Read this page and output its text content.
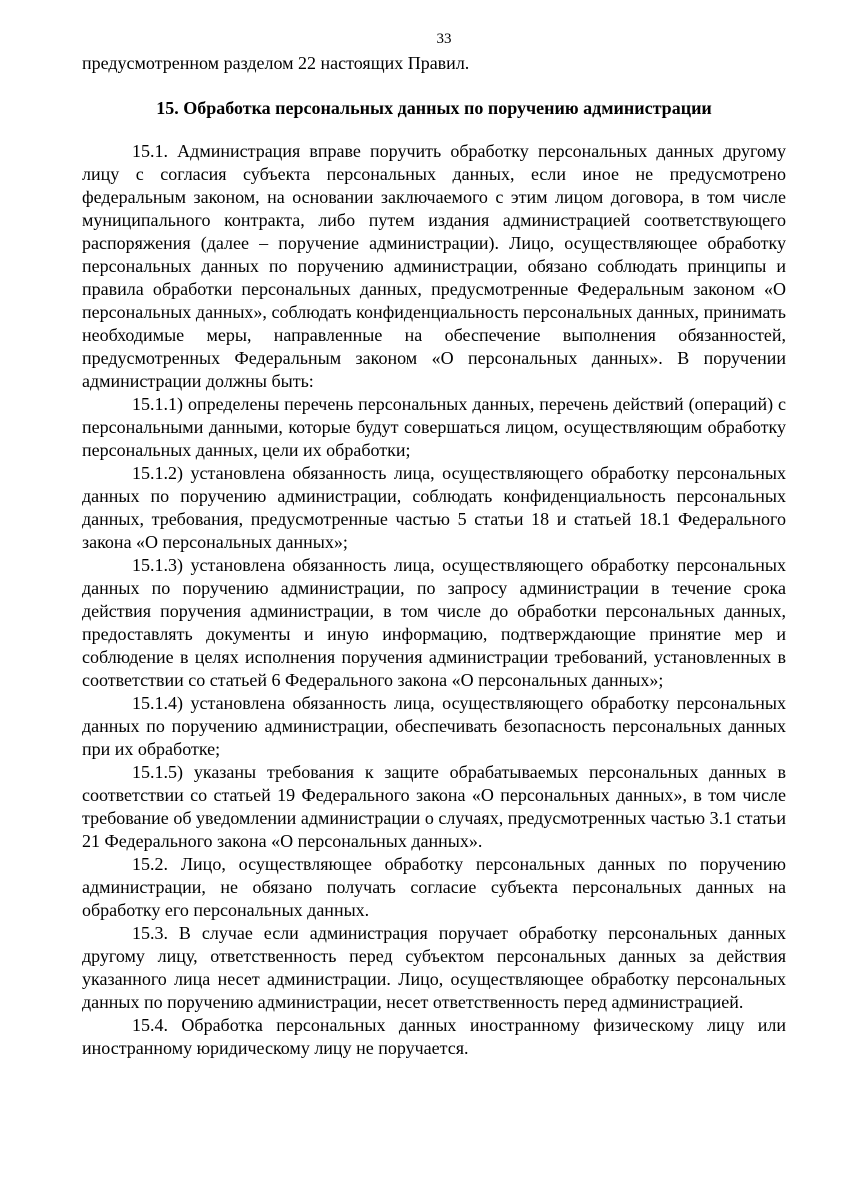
33

предусмотренном разделом 22 настоящих Правил.

15. Обработка персональных данных по поручению администрации

15.1. Администрация вправе поручить обработку персональных данных другому лицу с согласия субъекта персональных данных, если иное не предусмотрено федеральным законом, на основании заключаемого с этим лицом договора, в том числе муниципального контракта, либо путем издания администрацией соответствующего распоряжения (далее – поручение администрации). Лицо, осуществляющее обработку персональных данных по поручению администрации, обязано соблюдать принципы и правила обработки персональных данных, предусмотренные Федеральным законом «О персональных данных», соблюдать конфиденциальность персональных данных, принимать необходимые меры, направленные на обеспечение выполнения обязанностей, предусмотренных Федеральным законом «О персональных данных». В поручении администрации должны быть:

15.1.1) определены перечень персональных данных, перечень действий (операций) с персональными данными, которые будут совершаться лицом, осуществляющим обработку персональных данных, цели их обработки;

15.1.2) установлена обязанность лица, осуществляющего обработку персональных данных по поручению администрации, соблюдать конфиденциальность персональных данных, требования, предусмотренные частью 5 статьи 18 и статьей 18.1 Федерального закона «О персональных данных»;

15.1.3) установлена обязанность лица, осуществляющего обработку персональных данных по поручению администрации, по запросу администрации в течение срока действия поручения администрации, в том числе до обработки персональных данных, предоставлять документы и иную информацию, подтверждающие принятие мер и соблюдение в целях исполнения поручения администрации требований, установленных в соответствии со статьей 6 Федерального закона «О персональных данных»;

15.1.4) установлена обязанность лица, осуществляющего обработку персональных данных по поручению администрации, обеспечивать безопасность персональных данных при их обработке;

15.1.5) указаны требования к защите обрабатываемых персональных данных в соответствии со статьей 19 Федерального закона «О персональных данных», в том числе требование об уведомлении администрации о случаях, предусмотренных частью 3.1 статьи 21 Федерального закона «О персональных данных».

15.2. Лицо, осуществляющее обработку персональных данных по поручению администрации, не обязано получать согласие субъекта персональных данных на обработку его персональных данных.

15.3. В случае если администрация поручает обработку персональных данных другому лицу, ответственность перед субъектом персональных данных за действия указанного лица несет администрации. Лицо, осуществляющее обработку персональных данных по поручению администрации, несет ответственность перед администрацией.

15.4. Обработка персональных данных иностранному физическому лицу или иностранному юридическому лицу не поручается.
